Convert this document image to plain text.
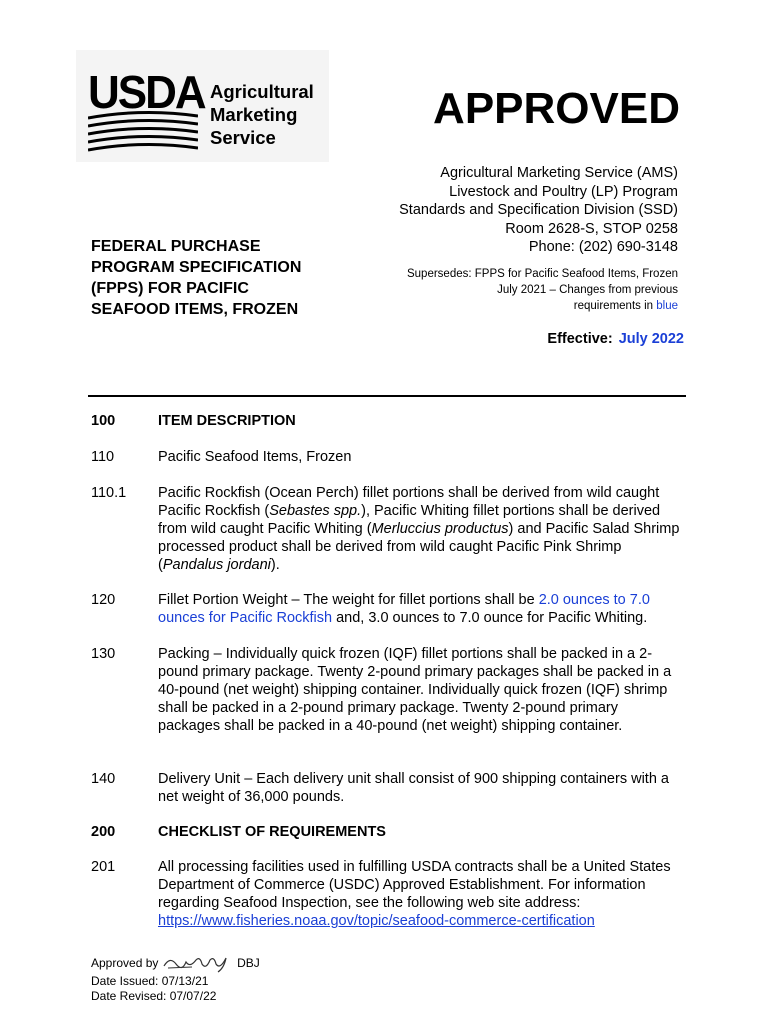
USDA Agricultural
Marketing
Service
APPROVED
Agricultural Marketing Service (AMS)
Livestock and Poultry (LP) Program
Standards and Specification Division (SSD)
Room 2628-S, STOP 0258
Phone: (202) 690-3148
FEDERAL PURCHASE
PROGRAM SPECIFICATION
(FPPS) FOR PACIFIC
SEAFOOD ITEMS, FROZEN
Supersedes: FPPS for Pacific Seafood Items, Frozen
July 2021 – Changes from previous
requirements in blue
Effective: July 2022
100	ITEM DESCRIPTION
110	Pacific Seafood Items, Frozen
110.1 Pacific Rockfish (Ocean Perch) fillet portions shall be derived from wild caught Pacific Rockfish (Sebastes spp.), Pacific Whiting fillet portions shall be derived from wild caught Pacific Whiting (Merluccius productus) and Pacific Salad Shrimp processed product shall be derived from wild caught Pacific Pink Shrimp (Pandalus jordani).
120	Fillet Portion Weight – The weight for fillet portions shall be 2.0 ounces to 7.0 ounces for Pacific Rockfish and, 3.0 ounces to 7.0 ounce for Pacific Whiting.
130	Packing – Individually quick frozen (IQF) fillet portions shall be packed in a 2-pound primary package. Twenty 2-pound primary packages shall be packed in a 40-pound (net weight) shipping container. Individually quick frozen (IQF) shrimp shall be packed in a 2-pound primary package. Twenty 2-pound primary packages shall be packed in a 40-pound (net weight) shipping container.
140	Delivery Unit – Each delivery unit shall consist of 900 shipping containers with a net weight of 36,000 pounds.
200	CHECKLIST OF REQUIREMENTS
201	All processing facilities used in fulfilling USDA contracts shall be a United States Department of Commerce (USDC) Approved Establishment. For information regarding Seafood Inspection, see the following web site address: https://www.fisheries.noaa.gov/topic/seafood-commerce-certification
Approved by	DBJ
Date Issued: 07/13/21
Date Revised: 07/07/22
